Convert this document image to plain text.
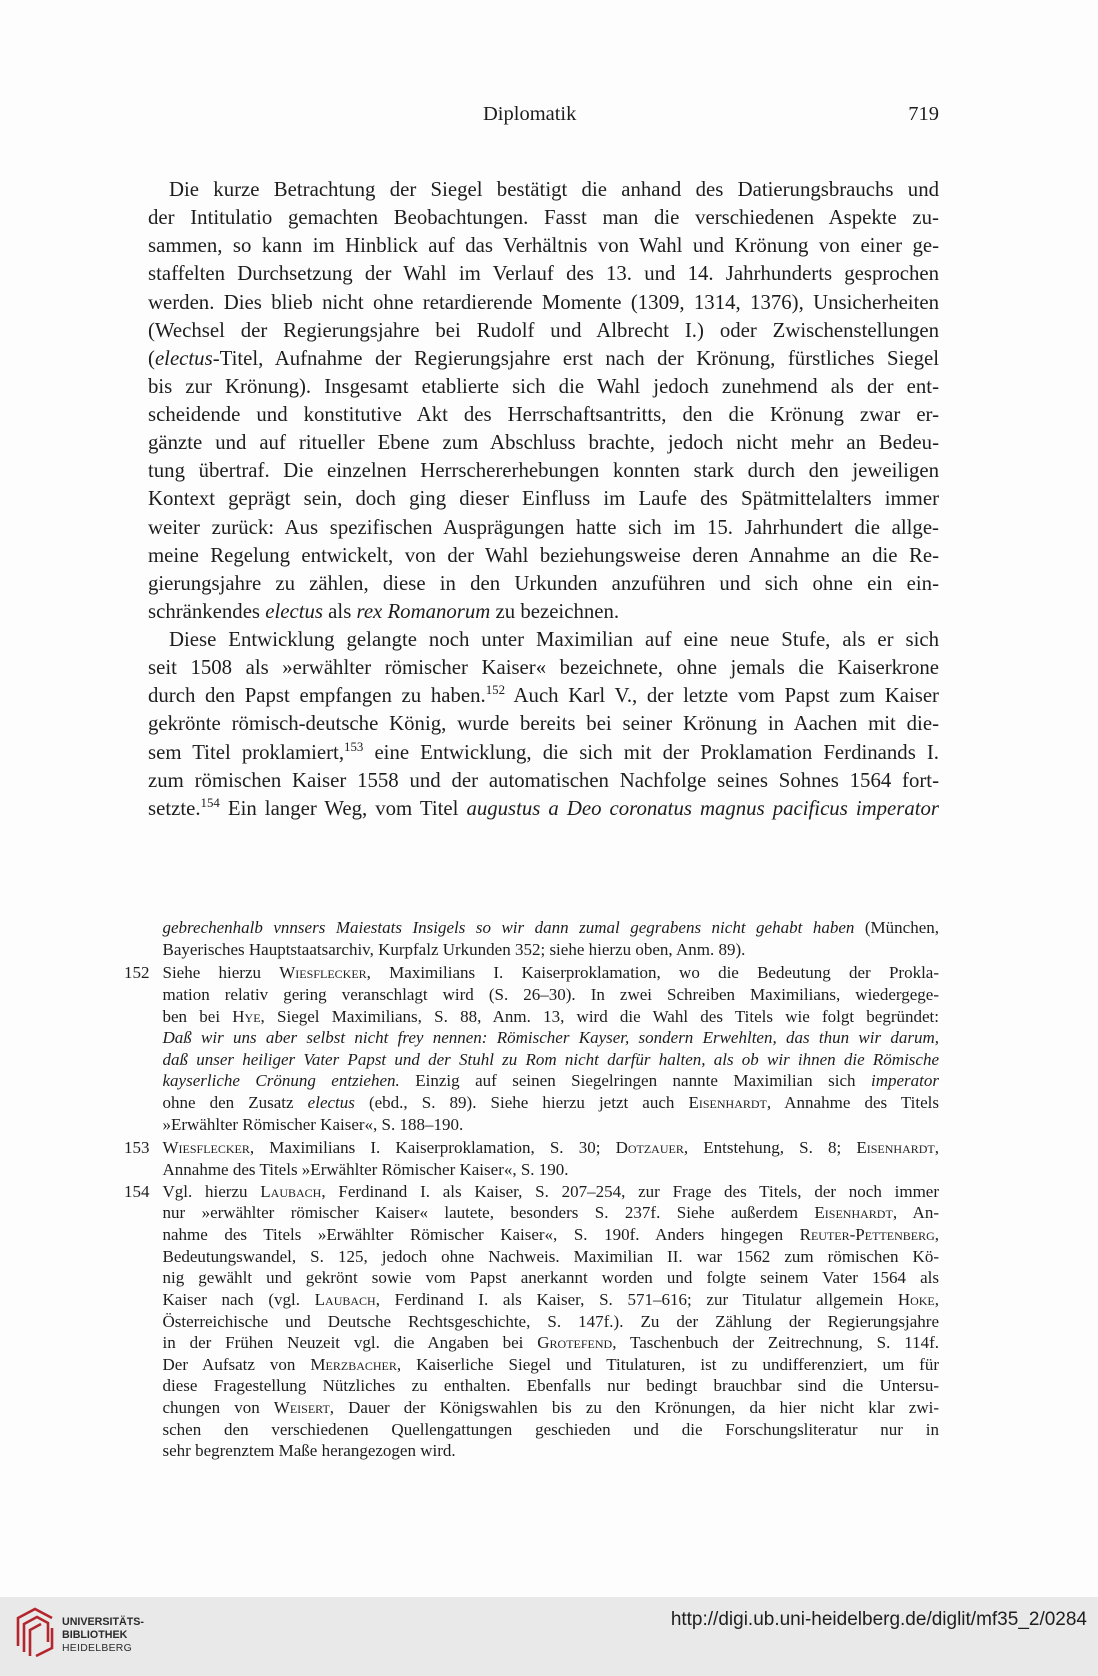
Diplomatik	719
Die kurze Betrachtung der Siegel bestätigt die anhand des Datierungsbrauchs und
der Intitulatio gemachten Beobachtungen. Fasst man die verschiedenen Aspekte zu-
sammen, so kann im Hinblick auf das Verhältnis von Wahl und Krönung von einer ge-
staffelten Durchsetzung der Wahl im Verlauf des 13. und 14. Jahrhunderts gesprochen
werden. Dies blieb nicht ohne retardierende Momente (1309, 1314, 1376), Unsicherheiten
(Wechsel der Regierungsjahre bei Rudolf und Albrecht I.) oder Zwischenstellungen
(electus-Titel, Aufnahme der Regierungsjahre erst nach der Krönung, fürstliches Siegel
bis zur Krönung). Insgesamt etablierte sich die Wahl jedoch zunehmend als der ent-
scheidende und konstitutive Akt des Herrschaftsantritts, den die Krönung zwar er-
gänzte und auf ritueller Ebene zum Abschluss brachte, jedoch nicht mehr an Bedeu-
tung übertraf. Die einzelnen Herrschererhebungen konnten stark durch den jeweiligen
Kontext geprägt sein, doch ging dieser Einfluss im Laufe des Spätmittelalters immer
weiter zurück: Aus spezifischen Ausprägungen hatte sich im 15. Jahrhundert die allge-
meine Regelung entwickelt, von der Wahl beziehungsweise deren Annahme an die Re-
gierungsjahre zu zählen, diese in den Urkunden anzuführen und sich ohne ein ein-
schränkendes electus als rex Romanorum zu bezeichnen.
Diese Entwicklung gelangte noch unter Maximilian auf eine neue Stufe, als er sich
seit 1508 als »erwählter römischer Kaiser« bezeichnete, ohne jemals die Kaiserkrone
durch den Papst empfangen zu haben.$^{152}$ Auch Karl V., der letzte vom Papst zum Kaiser
gekrönte römisch-deutsche König, wurde bereits bei seiner Krönung in Aachen mit die-
sem Titel proklamiert,$^{153}$ eine Entwicklung, die sich mit der Proklamation Ferdinands I.
zum römischen Kaiser 1558 und der automatischen Nachfolge seines Sohnes 1564 fort-
setzte.$^{154}$ Ein langer Weg, vom Titel augustus a Deo coronatus magnus pacificus imperator
gebrechenhalb vnnsers Maiestats Insigels so wir dann zumal gegrabens nicht gehabt haben (München,
Bayerisches Hauptstaatsarchiv, Kurpfalz Urkunden 352; siehe hierzu oben, Anm. 89).
152 Siehe hierzu Wiesflecker, Maximilians I. Kaiserproklamation, wo die Bedeutung der Prokla-
mation relativ gering veranschlagt wird (S. 26–30). In zwei Schreiben Maximilians, wiedergege-
ben bei Hye, Siegel Maximilians, S. 88, Anm. 13, wird die Wahl des Titels wie folgt begründet:
Daß wir uns aber selbst nicht frey nennen: Römischer Kayser, sondern Erwehlten, das thun wir darum,
daß unser heiliger Vater Papst und der Stuhl zu Rom nicht darfür halten, als ob wir ihnen die Römische
kayserliche Crönung entziehen. Einzig auf seinen Siegelringen nannte Maximilian sich imperator
ohne den Zusatz electus (ebd., S. 89). Siehe hierzu jetzt auch Eisenhardt, Annahme des Titels
»Erwählter Römischer Kaiser«, S. 188–190.
153 Wiesflecker, Maximilians I. Kaiserproklamation, S. 30; Dotzauer, Entstehung, S. 8; Eisenhardt,
Annahme des Titels »Erwählter Römischer Kaiser«, S. 190.
154 Vgl. hierzu Laubach, Ferdinand I. als Kaiser, S. 207–254, zur Frage des Titels, der noch immer
nur »erwählter römischer Kaiser« lautete, besonders S. 237f. Siehe außerdem Eisenhardt, An-
nahme des Titels »Erwählter Römischer Kaiser«, S. 190f. Anders hingegen Reuter-Pettenberg,
Bedeutungswandel, S. 125, jedoch ohne Nachweis. Maximilian II. war 1562 zum römischen Kö-
nig gewählt und gekrönt sowie vom Papst anerkannt worden und folgte seinem Vater 1564 als
Kaiser nach (vgl. Laubach, Ferdinand I. als Kaiser, S. 571–616; zur Titulatur allgemein Hoke,
Österreichische und Deutsche Rechtsgeschichte, S. 147f.). Zu der Zählung der Regierungsjahre
in der Frühen Neuzeit vgl. die Angaben bei Grotefend, Taschenbuch der Zeitrechnung, S. 114f.
Der Aufsatz von Merzbacher, Kaiserliche Siegel und Titulaturen, ist zu undifferenziert, um für
diese Fragestellung Nützliches zu enthalten. Ebenfalls nur bedingt brauchbar sind die Untersu-
chungen von Weisert, Dauer der Königswahlen bis zu den Krönungen, da hier nicht klar zwi-
schen den verschiedenen Quellengattungen geschieden und die Forschungsliteratur nur in
sehr begrenztem Maße herangezogen wird.
UNIVERSITÄTS-
BIBLIOTHEK
HEIDELBERG
http://digi.ub.uni-heidelberg.de/diglit/mf35_2/0284
